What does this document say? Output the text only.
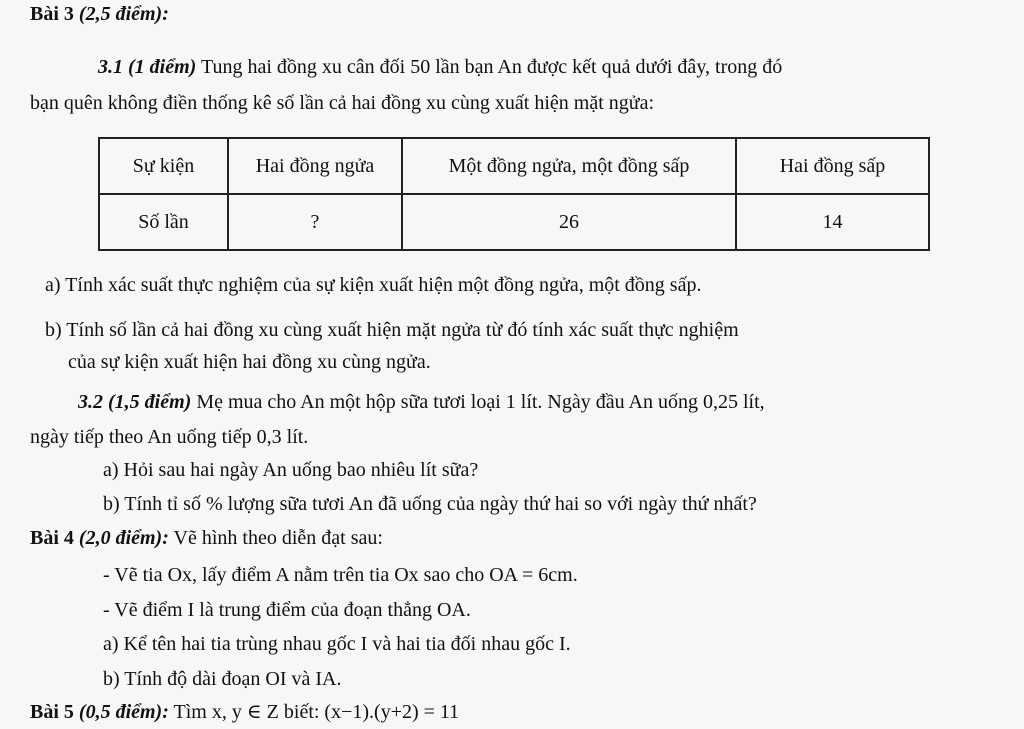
Bài 3 (2,5 điểm):
3.1 (1 điểm) Tung hai đồng xu cân đối 50 lần bạn An được kết quả dưới đây, trong đó
bạn quên không điền thống kê số lần cả hai đồng xu cùng xuất hiện mặt ngửa:
Sự kiện	Hai đồng ngửa	Một đồng ngửa, một đồng sấp	Hai đồng sấp
Số lần	?	26	14
a) Tính xác suất thực nghiệm của sự kiện xuất hiện một đồng ngửa, một đồng sấp.
b) Tính số lần cả hai đồng xu cùng xuất hiện mặt ngửa từ đó tính xác suất thực nghiệm
của sự kiện xuất hiện hai đồng xu cùng ngửa.
3.2 (1,5 điểm) Mẹ mua cho An một hộp sữa tươi loại 1 lít. Ngày đầu An uống 0,25 lít,
ngày tiếp theo An uống tiếp 0,3 lít.
a) Hỏi sau hai ngày An uống bao nhiêu lít sữa?
b) Tính tỉ số % lượng sữa tươi An đã uống của ngày thứ hai so với ngày thứ nhất?
Bài 4 (2,0 điểm): Vẽ hình theo diễn đạt sau:
- Vẽ tia Ox, lấy điểm A nằm trên tia Ox sao cho OA = 6cm.
- Vẽ điểm I là trung điểm của đoạn thẳng OA.
a) Kể tên hai tia trùng nhau gốc I và hai tia đối nhau gốc I.
b) Tính độ dài đoạn OI và IA.
Bài 5 (0,5 điểm): Tìm x, y ∈ Z biết: (x−1).(y+2) = 11
